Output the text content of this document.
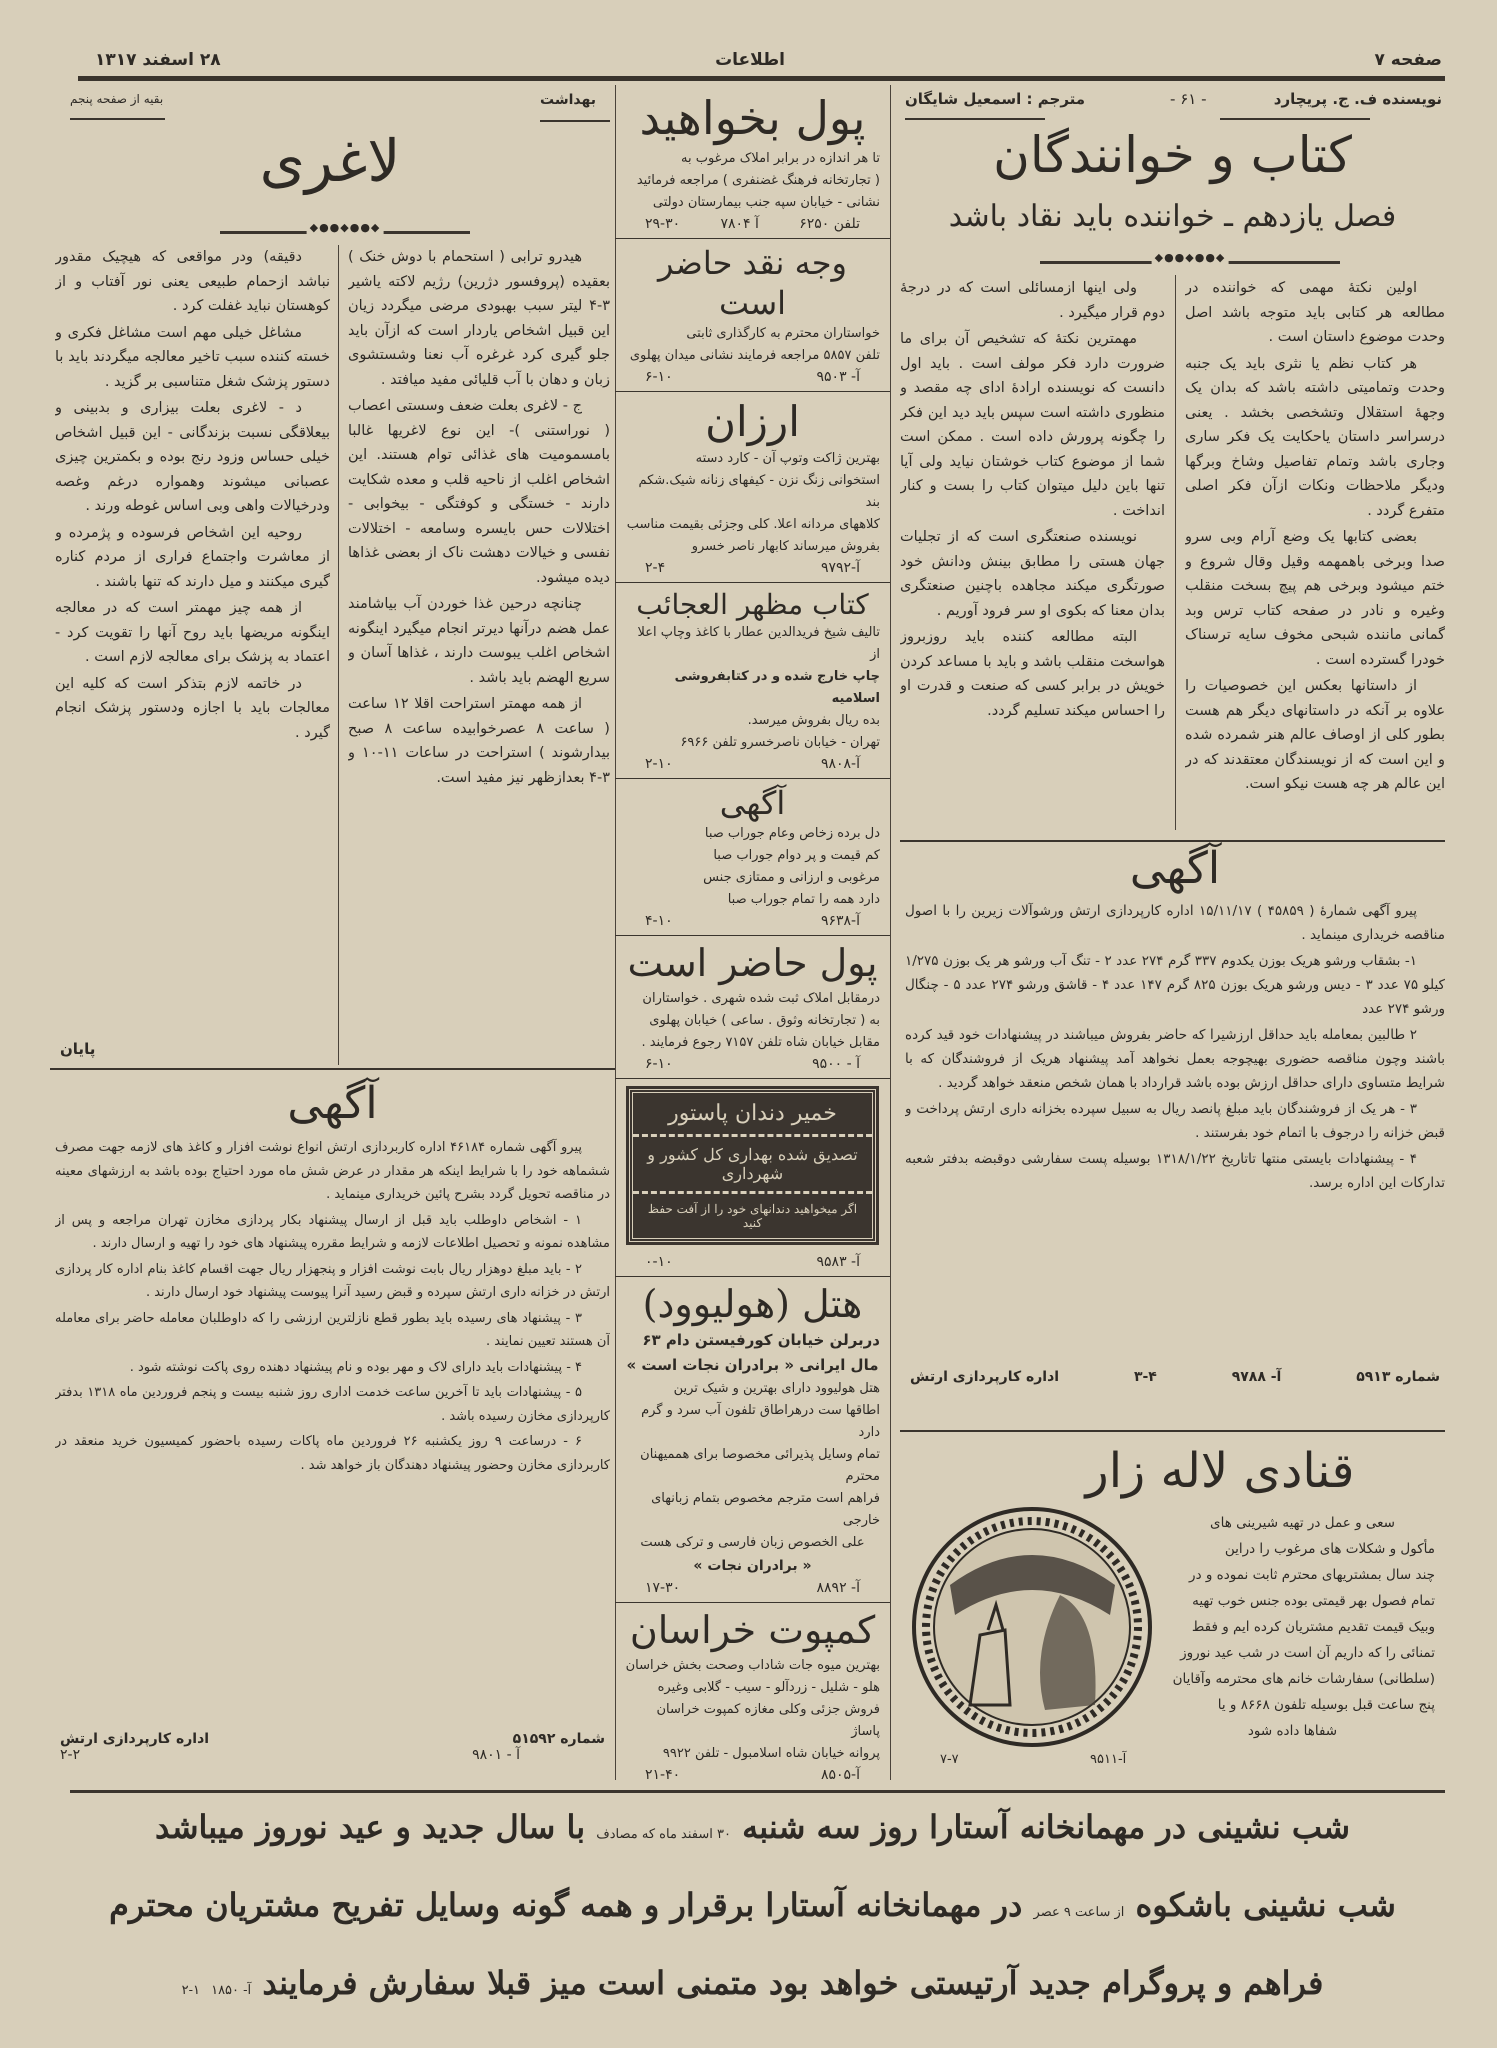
صفحه ۷
اطلاعات
۲۸ اسفند ۱۳۱۷
نویسنده ف. ج. پریچارد
- ۶۱ -
مترجم : اسمعیل شایگان
کتاب و خوانندگان
فصل یازدهم ـ خواننده باید نقاد باشد
◆●●◆●●◆

اولین نکتهٔ مهمی که خواننده در مطالعه هر کتابی باید متوجه باشد اصل وحدت موضوع داستان است .

هر کتاب نظم یا نثری باید یک جنبه وحدت وتمامیتی داشته باشد که بدان یک وجههٔ استقلال وتشخصی بخشد . یعنی درسراسر داستان یاحکایت یک فکر ساری وجاری باشد وتمام تفاصیل وشاخ وبرگها ودیگر ملاحظات ونکات ازآن فکر اصلی متفرع گردد .

بعضی کتابها یک وضع آرام وبی سرو صدا وبرخی باهمهمه وقیل وقال شروع و ختم میشود وبرخی هم پیچ بسخت منقلب وغیره و نادر در صفحه کتاب ترس وبد گمانی ماننده شبحی مخوف سایه ترسناک خودرا گسترده است .

از داستانها بعکس این خصوصیات را علاوه بر آنکه در داستانهای دیگر هم هست بطور کلی از اوصاف عالم هنر شمرده شده و این است که از نویسندگان معتقدند که در این عالم هر چه هست نیکو است.

ولی اینها ازمسائلی است که در درجهٔ دوم قرار میگیرد .

مهمترین نکتهٔ که تشخیص آن برای ما ضرورت دارد فکر مولف است . باید اول دانست که نویسنده ارادهٔ ادای چه مقصد و منظوری داشته است سپس باید دید این فکر را چگونه پرورش داده است . ممکن است شما از موضوع کتاب خوشتان نیاید ولی آیا تنها باین دلیل میتوان کتاب را بست و کنار انداخت .

نویسنده صنعتگری است که از تجلیات جهان هستی را مطابق بینش ودانش خود صورتگری میکند مجاهده باچنین صنعتگری بدان معنا که بکوی او سر فرود آوریم .

البته مطالعه کننده باید روزبروز هواسخت منقلب باشد و باید با مساعد کردن خویش در برابر کسی که صنعت و قدرت او را احساس میکند تسلیم گردد.

بهداشت
بقیه از صفحه پنجم
لاغری
◆●●◆●●◆

هیدرو ترابی ( استحمام با دوش خنک ) بعقیده (پروفسور دژرین) رژیم لاکته یاشیر ۳-۴ لیتر سبب بهبودی مرضی میگردد زیان این قبیل اشخاص یاردار است که ازآن باید جلو گیری کرد غرغره آب نعنا وشستشوی زبان و دهان با آب قلیائی مفید میافتد .

ج - لاغری بعلت ضعف وسستی اعصاب ( نوراستنی )- این نوع لاغریها غالبا بامسمومیت های غذائی توام هستند. این اشخاص اغلب از ناحیه قلب و معده شکایت دارند - خستگی و کوفتگی - بیخوابی - اختلالات حس بایسره وسامعه - اختلالات نفسی و خیالات دهشت ناک از بعضی غذاها دیده میشود.

چنانچه درحین غذا خوردن آب بیاشامند عمل هضم درآنها دیرتر انجام میگیرد اینگونه اشخاص اغلب یبوست دارند ، غذاها آسان و سریع الهضم باید باشد .

از همه مهمتر استراحت اقلا ۱۲ ساعت ( ساعت ۸ عصرخوابیده ساعت ۸ صبح بیدارشوند ) استراحت در ساعات ۱۱-۱۰ و ۳-۴ بعدازظهر نیز مفید است.

دقیقه) ودر مواقعی که هیچیک مقدور نباشد ازحمام طبیعی یعنی نور آفتاب و از کوهستان نباید غفلت کرد .

مشاغل خیلی مهم است مشاغل فکری و خسته کننده سبب تاخیر معالجه میگردند باید با دستور پزشک شغل متناسبی بر گزید .

د - لاغری بعلت بیزاری و بدبینی و بیعلاقگی نسبت بزندگانی - این قبیل اشخاص خیلی حساس وزود رنج بوده و بکمترین چیزی عصبانی میشوند وهمواره درغم وغصه ودرخیالات واهی وبی اساس غوطه ورند .

روحیه این اشخاص فرسوده و پژمرده و از معاشرت واجتماع فراری از مردم کناره گیری میکنند و میل دارند که تنها باشند .

از همه چیز مهمتر است که در معالجه اینگونه مریضها باید روح آنها را تقویت کرد - اعتماد به پزشک برای معالجه لازم است .

در خاتمه لازم بتذکر است که کلیه این معالجات باید با اجازه ودستور پزشک انجام گیرد .

پایان
پول بخواهید
تا هر اندازه در برابر املاک مرغوب به
( تجارتخانه فرهنگ غضنفری ) مراجعه فرمائید
نشانی - خیابان سپه جنب بیمارستان دولتی
تلفن ۶۲۵۰
آ ۷۸۰۴
۲۹-۳۰
وجه نقد حاضر است
خواستاران محترم به کارگذاری ثابتی
تلفن ۵۸۵۷ مراجعه فرمایند نشانی میدان پهلوی
آ- ۹۵۰۳
۶-۱۰
ارزان
بهترین ژاکت وتوپ آن - کارد دسته
استخوانی زنگ نزن - کیفهای زنانه شیک.شکم بند
کلاههای مردانه اعلا. کلی وجزئی بقیمت مناسب
بفروش میرساند کابهار ناصر خسرو
آ-۹۷۹۲
۲-۴
کتاب مظهر العجائب
تالیف شیخ فریدالدین عطار با کاغذ وچاپ اعلا از
چاپ خارج شده و در کتابفروشی اسلامیه
بده ریال بفروش میرسد.
تهران - خیابان ناصرخسرو تلفن ۶۹۶۶
آ-۹۸۰۸
۲-۱۰
آگهی
دل برده زخاص وعام جوراب صبا
کم قیمت و پر دوام جوراب صبا
مرغوبی و ارزانی و ممتازی جنس
دارد همه را تمام جوراب صبا
آ-۹۶۳۸
۴-۱۰
پول حاضر است
درمقابل املاک ثبت شده شهری . خواستاران
به ( تجارتخانه وثوق . ساعی ) خیابان پهلوی
مقابل خیابان شاه تلفن ۷۱۵۷ رجوع فرمایند .
آ - ۹۵۰۰
۶-۱۰
خمیر دندان پاستور
تصدیق شده بهداری کل کشور و شهرداری
اگر میخواهید دندانهای خود را از آفت حفظ کنید
آ- ۹۵۸۳
۰-۱۰
هتل (هولیوود)
دربرلن خیابان کورفیستن دام ۶۳
مال ایرانی « برادران نجات است »
هتل هولیوود دارای بهترین و شیک ترین
اطاقها ست درهراطاق تلفون آب سرد و گرم دارد
تمام وسایل پذیرائی مخصوصا برای هممیهنان محترم
فراهم است مترجم مخصوص بتمام زبانهای خارجی
علی الخصوص زبان فارسی و ترکی هست
« برادران نجات »
آ- ۸۸۹۲
۱۷-۳۰
کمپوت خراسان
بهترین میوه جات شاداب وصحت بخش خراسان
هلو - شلیل - زردآلو - سیب - گلابی وغیره
فروش جزئی وکلی مغازه کمپوت خراسان پاساژ
پروانه خیابان شاه اسلامبول - تلفن ۹۹۲۲
آ-۸۵۰۵
۲۱-۴۰
آگهی

پیرو آگهی شمارهٔ ( ۴۵۸۵۹ ) ۱۵/۱۱/۱۷ اداره کارپردازی ارتش ورشوآلات زیرین را با اصول مناقصه خریداری مینماید .

۱- بشقاب ورشو هریک بوزن یکدوم ۳۳۷ گرم ۲۷۴ عدد ۲ - تنگ آب ورشو هر یک بوزن ۱/۲۷۵ کیلو ۷۵ عدد ۳ - دیس ورشو هریک بوزن ۸۲۵ گرم ۱۴۷ عدد ۴ - قاشق ورشو ۲۷۴ عدد ۵ - چنگال ورشو ۲۷۴ عدد

۲ طالبین بمعامله باید حداقل ارزشیرا که حاضر بفروش میباشند در پیشنهادات خود قید کرده باشند وچون مناقصه حضوری بهیچوجه بعمل نخواهد آمد پیشنهاد هریک از فروشندگان که با شرایط متساوی دارای حداقل ارزش بوده باشد قرارداد با همان شخص منعقد خواهد گردید .

۳ - هر یک از فروشندگان باید مبلغ پانصد ریال به سبیل سپرده بخزانه داری ارتش پرداخت و قبض خزانه را درجوف با اتمام خود بفرستند .

۴ - پیشنهادات بایستی منتها تاتاریخ ۱۳۱۸/۱/۲۲ بوسیله پست سفارشی دوقبضه بدفتر شعبه تدارکات این اداره برسد.

شماره ۵۹۱۳
آ- ۹۷۸۸
۳-۴
اداره کارپردازی ارتش
قنادی لاله زار
سعی و عمل در تهیه شیرینی های
مأکول و شکلات های مرغوب را دراین
چند سال بمشتریهای محترم ثابت نموده و در
تمام فصول بهر قیمتی بوده جنس خوب تهیه
وبیک قیمت تقدیم مشتریان کرده ایم و فقط
تمنائی را که داریم آن است در شب عید نوروز
(سلطانی) سفارشات خانم های محترمه وآقایان
پنج ساعت قبل بوسیله تلفون ۸۶۶۸ و یا
شفاها داده شود
آ-۹۵۱۱
۷-۷
آگهی

پیرو آگهی شماره ۴۶۱۸۴ اداره کاربردازی ارتش انواع نوشت افزار و کاغذ های لازمه جهت مصرف ششماهه خود را با شرایط اینکه هر مقدار در عرض شش ماه مورد احتیاج بوده باشد به ارزشهای معینه در مناقصه تحویل گردد بشرح پائین خریداری مینماید .

۱ - اشخاص داوطلب باید قبل از ارسال پیشنهاد بکار پردازی مخازن تهران مراجعه و پس از مشاهده نمونه و تحصیل اطلاعات لازمه و شرایط مقرره پیشنهاد های خود را تهیه و ارسال دارند .

۲ - باید مبلغ دوهزار ریال بابت نوشت افزار و پنجهزار ریال جهت اقسام کاغذ بنام اداره کار پردازی ارتش در خزانه داری ارتش سپرده و قبض رسید آنرا پیوست پیشنهاد خود ارسال دارند .

۳ - پیشنهاد های رسیده باید بطور قطع نازلترین ارزشی را که داوطلبان معامله حاضر برای معامله آن هستند تعیین نمایند .

۴ - پیشنهادات باید دارای لاک و مهر بوده و نام پیشنهاد دهنده روی پاکت نوشته شود .

۵ - پیشنهادات باید تا آخرین ساعت خدمت اداری روز شنبه بیست و پنجم فروردین ماه ۱۳۱۸ بدفتر کارپردازی مخازن رسیده باشد .

۶ - درساعت ۹ روز یکشنبه ۲۶ فروردین ماه پاکات رسیده باحضور کمیسیون خرید منعقد در کاربردازی مخازن وحضور پیشنهاد دهندگان باز خواهد شد .

شماره ۵۱۵۹۲
اداره کارپردازی ارتش
آ - ۹۸۰۱
۲-۲
شب نشینی در مهمانخانه آستارا روز سه شنبه ۳۰ اسفند ماه که مصادف با سال جدید و عید نوروز میباشد
شب نشینی باشکوه از ساعت ۹ عصر در مهمانخانه آستارا برقرار و همه گونه وسایل تفریح مشتریان محترم
فراهم و پروگرام جدید آرتیستی خواهد بود متمنی است میز قبلا سفارش فرمایند آ- ۱۸۵۰ ۱-۲
